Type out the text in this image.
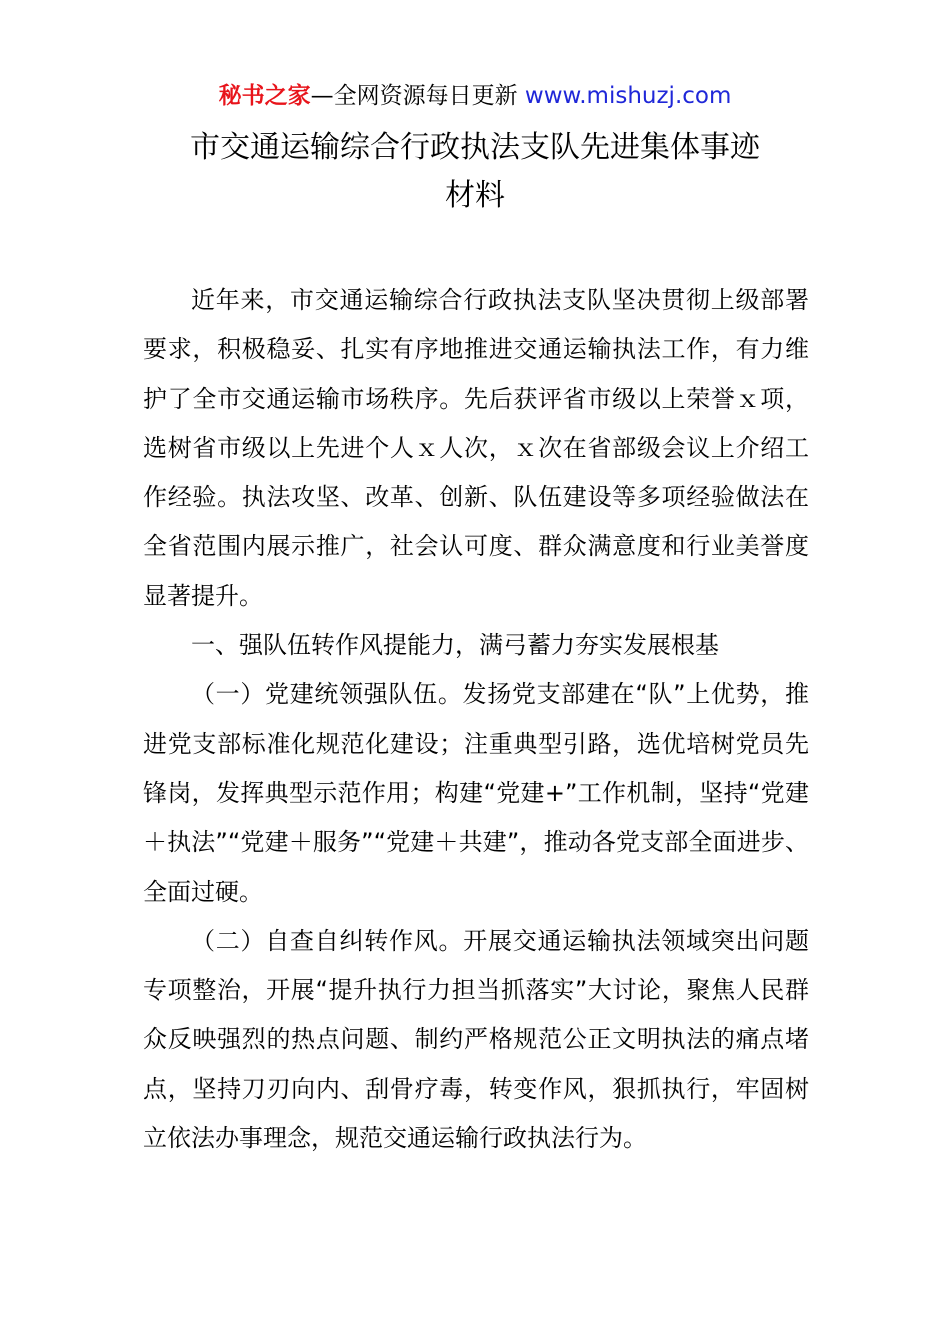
秘书之家—全网资源每日更新 www.mishuzj.com
市交通运输综合行政执法支队先进集体事迹
材料

近年来，市交通运输综合行政执法支队坚决贯彻上级部署要求，积极稳妥、扎实有序地推进交通运输执法工作，有力维护了全市交通运输市场秩序。先后获评省市级以上荣誉ｘ项，选树省市级以上先进个人ｘ人次，ｘ次在省部级会议上介绍工作经验。执法攻坚、改革、创新、队伍建设等多项经验做法在全省范围内展示推广，社会认可度、群众满意度和行业美誉度显著提升。

一、强队伍转作风提能力，满弓蓄力夯实发展根基

（一）党建统领强队伍。发扬党支部建在“队”上优势，推进党支部标准化规范化建设；注重典型引路，选优培树党员先锋岗，发挥典型示范作用；构建“党建+”工作机制，坚持“党建＋执法”“党建＋服务”“党建＋共建”，推动各党支部全面进步、全面过硬。

（二）自查自纠转作风。开展交通运输执法领域突出问题专项整治，开展“提升执行力担当抓落实”大讨论，聚焦人民群众反映强烈的热点问题、制约严格规范公正文明执法的痛点堵点，坚持刀刃向内、刮骨疗毒，转变作风，狠抓执行，牢固树立依法办事理念，规范交通运输行政执法行为。
